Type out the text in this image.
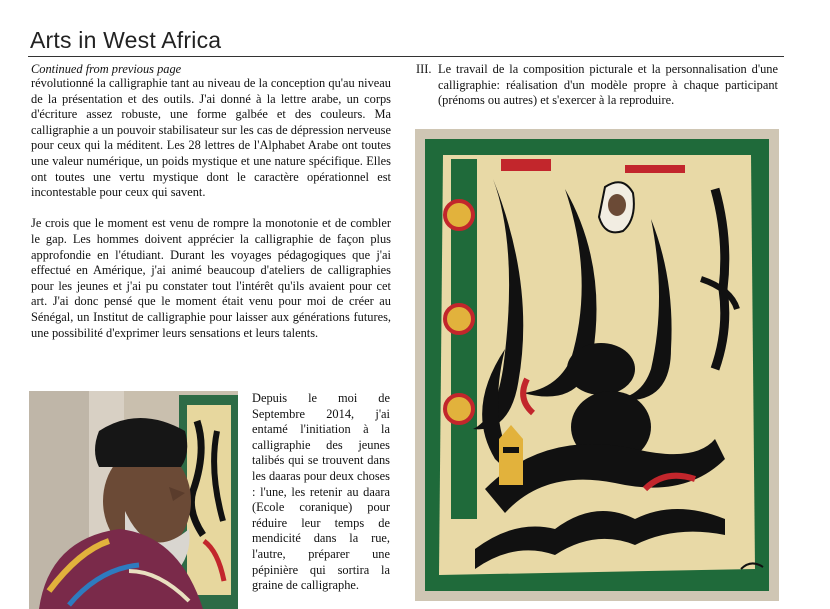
Arts in West Africa

Continued from previous page

révolutionné la calligraphie tant au niveau de la conception qu'au niveau de la présentation et des outils. J'ai donné à la lettre arabe, un corps d'écriture assez robuste, une forme galbée et des couleurs. Ma calligraphie a un pouvoir stabilisateur sur les cas de dépression nerveuse pour ceux qui la méditent. Les 28 lettres de l'Alphabet Arabe ont toutes une valeur numérique, un poids mystique et une nature spécifique. Elles ont toutes une vertu mystique dont le caractère opérationnel est incontestable pour ceux qui savent.

Je crois que le moment est venu de rompre la monotonie et de combler le gap. Les hommes doivent apprécier la calligraphie de façon plus approfondie en l'étudiant. Durant les voyages pédagogiques que j'ai effectué en Amérique, j'ai animé beaucoup d'ateliers de calligraphies pour les jeunes et j'ai pu constater tout l'intérêt qu'ils avaient pour cet art. J'ai donc pensé que le moment était venu pour moi de créer au Sénégal, un Institut de calligraphie pour laisser aux générations futures, une possibilité d'exprimer leurs sensations et leurs talents.

Depuis le moi de Septembre 2014, j'ai entamé l'initiation à la calligraphie des jeunes talibés qui se trouvent dans les daaras pour deux choses : l'une, les retenir au daara (Ecole coranique) pour réduire leur temps de mendicité dans la rue, l'autre, préparer une pépinière qui sortira la graine de calligraphe.

III. Le travail de la composition picturale et la personnalisation d'une calligraphie: réalisation d'un modèle propre à chaque participant (prénoms ou autres) et s'exercer à la reproduire.
